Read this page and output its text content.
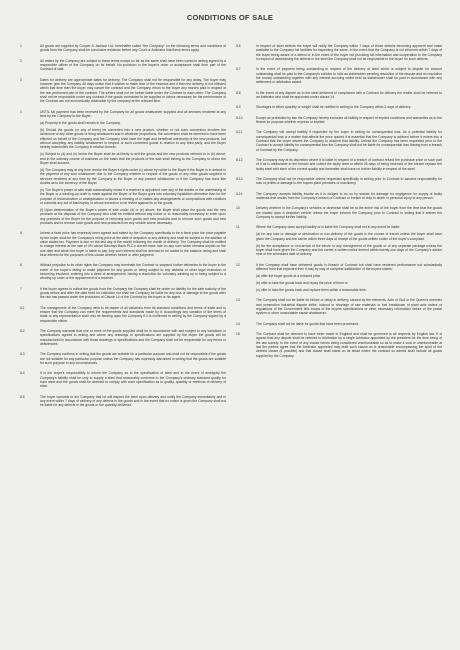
CONDITIONS OF SALE
1	All goods are supplied by Cooper & Jackson Ltd. hereinafter called "the Company" on the following terms and conditions of goods from the Company shall be conclusive evidence before any Court or Arbitrator that these terms apply.

2	All orders by the Company are subject to these terms except so far as the same shall have been varied in writing signed by a responsible officer of the Company on its behalf. No provision in the buyer's order or acceptance shall form part of the Contract of sale.

3	Dates for delivery are approximate dates for delivery. The Company shall not be responsible for any delay. The buyer may however give the Company 48 days notice that it wishes to make time of the essence and if then the delivery is not effected within that time then the buyer may cancel the contract and the Company return to the buyer any monies paid in respect of the non-performed part of the contract. The sellers shall not be further liable under the Contract to each other. The Company shall not be responsible under any contract if the goods contracted to be supplied or labour necessary for the performance of the Contract are not economically obtainable by the company at the relevant time.

4	UNTIL full payment has been received by the Company for all goods whatsoever supplied and all services rendered at any time by the Company to the Buyer-

(a) Property in the goods shall remain in the Company.

(b) Should the goods (or any of them) be converted into a new product, whether or not such conversion involves the admixture of any other goods or thing whatsoever and in whatever proportions, the conversion shall be deemed to have been effected on behalf of the Company and the Company shall have the legal and beneficial ownership of the new products, but without accepting any liability whatsoever in respect of such converted goods in relation to any third party, and the Buyer hereby indemnifies the Company in relation thereto.

(c) Subject to (d) and (e) below the Buyer shall be at liberty to sell the goods and the new products referred to in (b) above, and in the ordinary course of business on the basis that the products of the sale shall belong to the Company to whom the Buyer shall account.

(d) The Company may at any time revoke the Buyer's rights under (c) above by notice to the Buyer if the Buyer is in default in the payment of any sum whatsoever due to the Company whether in respect of the goods or any other goods supplied or services rendered at any time by the Company to the Buyer or any present whatsoever or if the Company has bona fide doubts as to the solvency of the Buyer.

(e) The Buyer's power of sale shall automatically cease if a receiver is appointed over any of the assets or the undertaking of the Buyer or a winding-up order is made against the Buyer or the Buyer goes into voluntary liquidation otherwise than for the purpose of reconstruction or amalgamation or issues a meeting of or makes any arrangements or compositions with creditors or commits any act of bankruptcy or whose execution to be levied against its or the goods.

(f) Upon determination of the Buyer's power of sale under (d) or (e) above, the Buyer shall place the goods and the new products at the disposal of the Company who shall be entitled without any notice or to reasonably necessary to enter upon any premises of the Buyer for the purpose of removing such goods and new products and to remove such goods and new products and to remove such goods and new products from any vehicle where necessary.

5	Unless a fixed price has expressly been agreed and stated by the Company specifically to be a fixed price the price payable by the buyer shall be the Company's ruling price at the date of despatch or any delivery and shall be subject to the addition of value added tax. Payment is due on the last day of the month following the month of delivery. The Company shall be entitled to charge interest at the rate of 4% above Barclays Bank PLC's current base rate on any sum which remains unpaid on the due date and which the buyer is liable to pay. Any such interest shall be deemed to be added to the balance owing and shall bear interest for the purposes of this clause whether before or after judgment.

6	Without prejudice to its other rights the Company may terminate the Contract or suspend further deliveries to the buyer in the event of the buyer's failing to make payment for any goods or being subject to any distress or other legal execution or becoming insolvent, entering into a deed of arrangement, having a resolution for voluntary winding up or being subject to a winding up order or the appointment of a receiver.

7	If the buyer agrees to collect the goods from the Company the Company shall be under no liability for the safe custody of the goods before and after the date fixed for collection nor shall the Company be liable for any loss or damage to the goods after the risk has passed under the provisions of Clause 14 of the Contract by the buyer or his agent.

8.1	The management of the Company wish to be aware of all variations from its standard conditions and terms of trade and to ensure that the Company can meet the requirements and standards made by it. Accordingly any variation of the terms of trade or any representation shall only be binding upon the Company if it is confirmed in writing by the Company signed by a responsible officer.

8.2	The Company warrants that one or more of the goods supplied shall be in accordance with and subject to any variations or specifications agreed in writing and where any drawings or specifications are supplied by the buyer the goods will be manufactured in accordance with those drawings or specifications and the Company shall not be responsible for any errors or deficiencies.

8.3	The Company confirms in writing that the goods are suitable for a particular purpose and shall not be responsible if the goods are not suitable for any particular purpose unless the Company has expressly warranted in writing that the goods are suitable for such purpose in any circumstances.

8.4	It is the buyer's responsibility to inform the Company as to the specification of steel and in the event of ambiguity the Company's liability shall be only to supply a steel that reasonably conforms to the Company's ordinary standard quality for such steel and the goods shall be deemed to comply with such specification as to quality, quantity or methods of delivery of steel.

8.5	The buyer warrants to the Company that he will inspect the steel upon delivery and notify the Company immediately and in any event within 7 days of delivery of any defects in the goods and in the event that no notice is given the Company shall not be liable for any defects in the goods or the quantity delivered.

8.6	In respect of steel defects the buyer will notify the Company within 7 days of those defects becoming apparent and make available to the Company full facilities for inspecting the same. In the event that the Company is not informed within 7 days of the buyer being aware of a defect or in the event of the buyer not providing full information and cooperation to the Company in respect of ascertaining the defects in the steel the Company shall not be responsible to the buyer for such defects.

8.7	In the event of payment being outstanding in respect of the delivery of steel which is subject to dispute for amount outstanding shall be paid to the Company's solicitor to hold as stakeholder pending resolution of the dispute and on resolution the money outstanding together with any interest accruing whilst held as stakeholder shall be paid in accordance with any settlement or arbitration award.

8.8	In the event of any dispute as to the steel delivered or compliance with a Contract for delivery the matter shall be referred to an Arbitrator who shall be appointed under clause 19.

8.9	Shortages in either quantity or weight shall be notified in writing to the Company within 3 days of delivery.

8.10	Except as prohibited by law the Company hereby excludes all liability in respect of implied conditions and warranties as to the fitness for purpose whether express or implied.

8.11	The Company will accept liability if requested by the buyer in writing for consequential loss. As a potential liability for consequential loss is a matter that affects the price quoted it is essential that the Company is advised before it enters into a Contract that the buyer wishes the Company to assume that liability. Unless the Company has been requested prior to the Contract to accept liability for consequential loss the Company shall not be liable for consequential loss flowing from a breach of Contract by the Company.

8.12	The Company may at its discretion where it is liable in respect of a breach of contract refund the purchase price or such part of it as is attributable to the breach and collect the faulty steel or within 28 days of being informed of the breach replace the faulty steel with steel of the correct quality and thereafter shall have no further liability in respect of the steel.

8.13	The Company shall not be responsible unless requested specifically in writing prior to Contract to assume responsibility for loss of profits or damage to the buyers plant premises or machinery.

8.14	The Company accepts liability insofar as it is obliged to do so by statute for damage for negligence for supply of faulty materials that results from the Company's breach of Contract or breach of duty to death or personal injury to any person.

10	Delivery whether in the Company's vehicles or otherwise shall be at the entire risk of the buyer from the time that the goods are loaded upon a despatch vehicle unless the buyer informs the Company prior to Contract in writing that it wishes the Company to accept further liability.

11	Where the Company does accept liability or is liable the Company shall not in any event be liable:

(a) for any loss or damage or destruction or non-delivery of the goods in the course of transit unless the buyer shall have given the Company and the carrier within three days of receipt of the goods written notice of the buyer's complaint.

(b) for the acceptance or non-arrival of the whole or any consignment of the goods or of any separate package unless the buyer shall have given the Company and the carrier a written notice thereof within twenty-one days of the Company's advice note of the scheduled date of delivery.

12	If the Company shall have delivered goods in Breach of Contract but shall have rendered performance not substantially different from that expected then it may by way of complete satisfaction of the buyers claims:

(a) offer the buyer goods at a reduced price

(b) offer to take the goods back and repay the price of them or

(c) offer to take the goods back and replace them within a reasonable time.

13	The Company shall not be liable for failure or delay in delivery caused by the elements. Acts of God or the Queen's enemies and commotion industrial dispute strike, lockout or shortage of raw materials or fuel breakdown of plant acts orders or regulations of the Government bills troops of the buyers specifications or other necessary information failure of the postal system or other unavoidable cause whatsoever.

14	The Company shall not be liable for goods that have been processed.

15	The Contract shall be deemed to have been made in England and shall be governed in all respects by English law. It is agreed that any dispute shall be referred to Arbitration by a single Arbitrator appointed by the president for the time being of the law society. In the event of any clause herein being considered unenforceable so as to make it void or unenforceable at law the parties agree that the Arbitrator appointed may draft such clause as is reasonable encompassing the spirit of the deleted clause (if possible) and that clause shall stand on its stead where the contract so admits shall include all goods supplied by the Company.
